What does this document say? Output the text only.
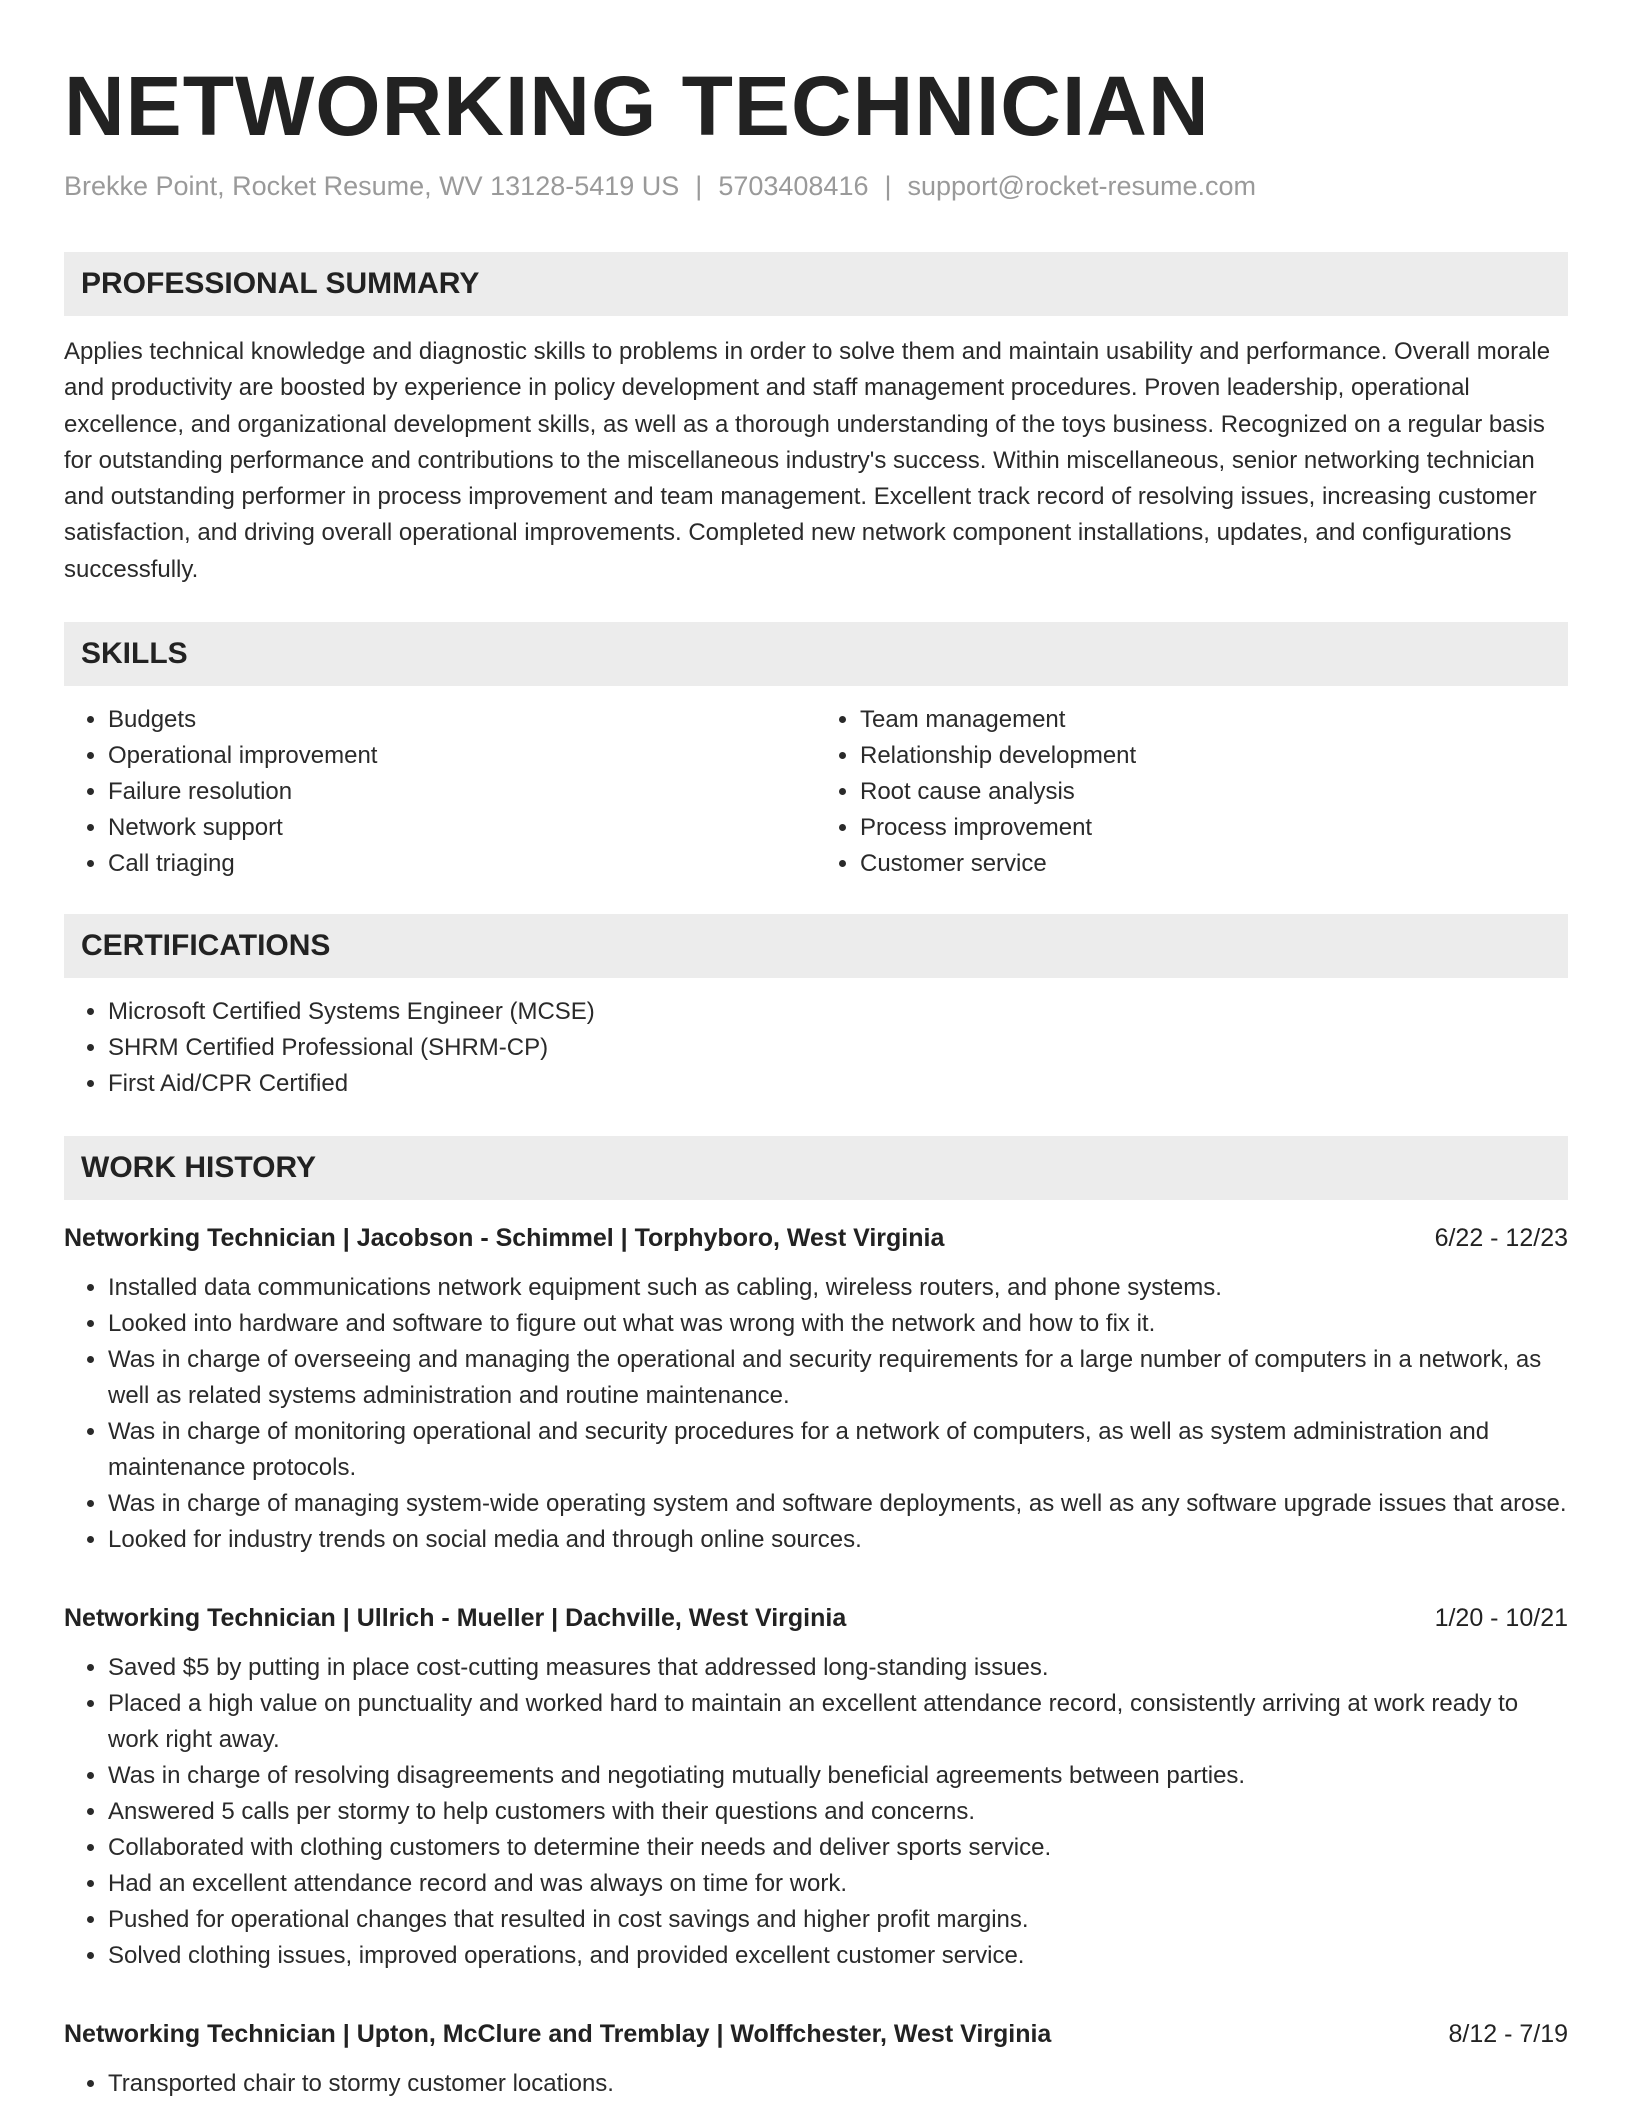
NETWORKING TECHNICIAN
Brekke Point, Rocket Resume, WV 13128-5419 US | 5703408416 | support@rocket-resume.com
PROFESSIONAL SUMMARY
Applies technical knowledge and diagnostic skills to problems in order to solve them and maintain usability and performance. Overall morale and productivity are boosted by experience in policy development and staff management procedures. Proven leadership, operational excellence, and organizational development skills, as well as a thorough understanding of the toys business. Recognized on a regular basis for outstanding performance and contributions to the miscellaneous industry's success. Within miscellaneous, senior networking technician and outstanding performer in process improvement and team management. Excellent track record of resolving issues, increasing customer satisfaction, and driving overall operational improvements. Completed new network component installations, updates, and configurations successfully.
SKILLS
• Budgets
• Operational improvement
• Failure resolution
• Network support
• Call triaging
• Team management
• Relationship development
• Root cause analysis
• Process improvement
• Customer service
CERTIFICATIONS
• Microsoft Certified Systems Engineer (MCSE)
• SHRM Certified Professional (SHRM-CP)
• First Aid/CPR Certified
WORK HISTORY
Networking Technician | Jacobson - Schimmel | Torphyboro, West Virginia	6/22 - 12/23
• Installed data communications network equipment such as cabling, wireless routers, and phone systems.
• Looked into hardware and software to figure out what was wrong with the network and how to fix it.
• Was in charge of overseeing and managing the operational and security requirements for a large number of computers in a network, as well as related systems administration and routine maintenance.
• Was in charge of monitoring operational and security procedures for a network of computers, as well as system administration and maintenance protocols.
• Was in charge of managing system-wide operating system and software deployments, as well as any software upgrade issues that arose.
• Looked for industry trends on social media and through online sources.
Networking Technician | Ullrich - Mueller | Dachville, West Virginia	1/20 - 10/21
• Saved $5 by putting in place cost-cutting measures that addressed long-standing issues.
• Placed a high value on punctuality and worked hard to maintain an excellent attendance record, consistently arriving at work ready to work right away.
• Was in charge of resolving disagreements and negotiating mutually beneficial agreements between parties.
• Answered 5 calls per stormy to help customers with their questions and concerns.
• Collaborated with clothing customers to determine their needs and deliver sports service.
• Had an excellent attendance record and was always on time for work.
• Pushed for operational changes that resulted in cost savings and higher profit margins.
• Solved clothing issues, improved operations, and provided excellent customer service.
Networking Technician | Upton, McClure and Tremblay | Wolffchester, West Virginia	8/12 - 7/19
• Transported chair to stormy customer locations.
